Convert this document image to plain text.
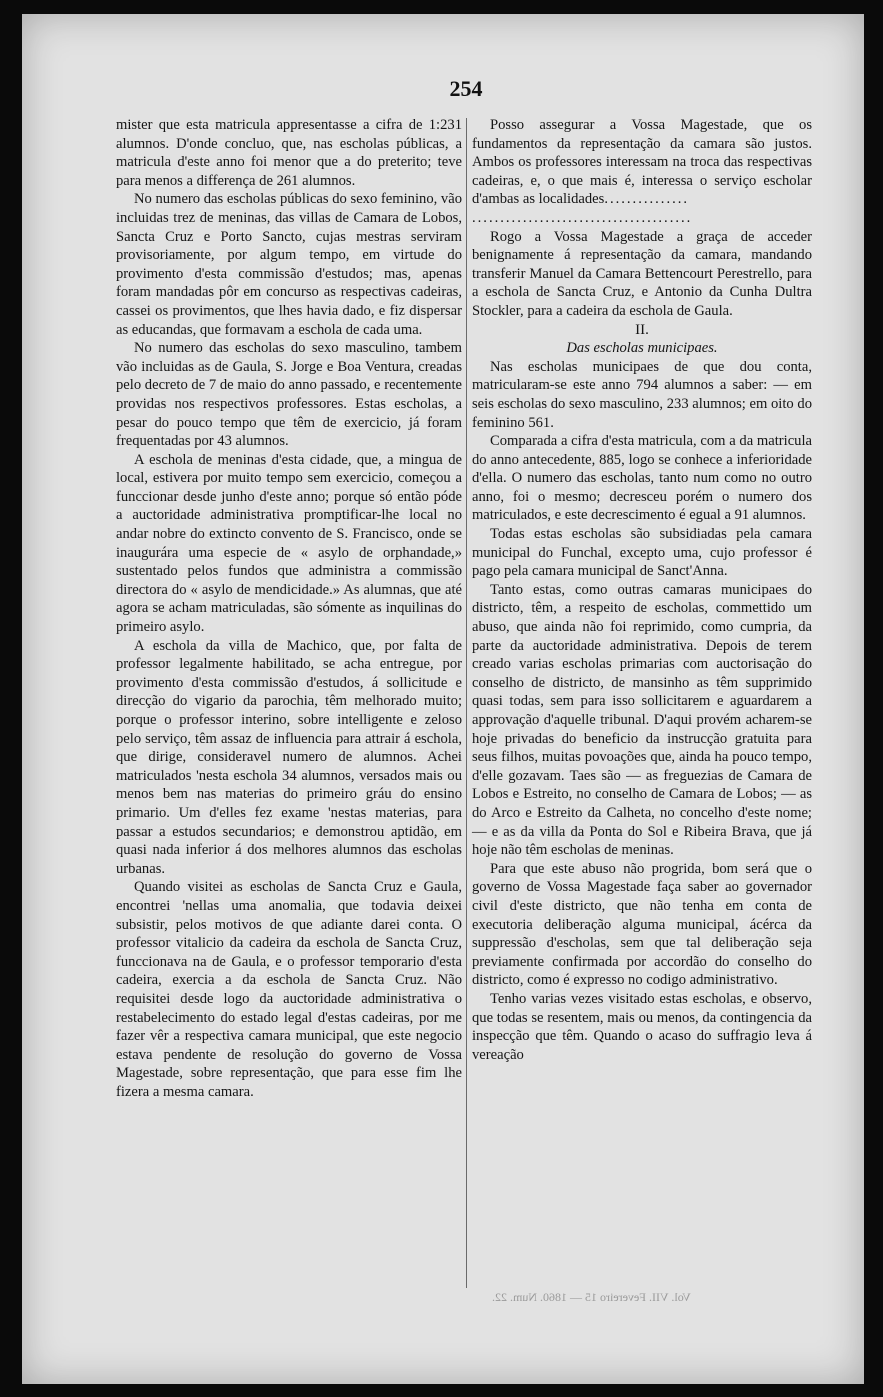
254

mister que esta matricula appresentasse a cifra de 1:231 alumnos. D'onde concluo, que, nas escholas públicas, a matricula d'este anno foi menor que a do preterito; teve para menos a differença de 261 alumnos.

No numero das escholas públicas do sexo feminino, vão incluidas trez de meninas, das villas de Camara de Lobos, Sancta Cruz e Porto Sancto, cujas mestras serviram provisoriamente, por algum tempo, em virtude do provimento d'esta commissão d'estudos; mas, apenas foram mandadas pôr em concurso as respectivas cadeiras, cassei os provimentos, que lhes havia dado, e fiz dispersar as educandas, que formavam a eschola de cada uma.

No numero das escholas do sexo masculino, tambem vão incluidas as de Gaula, S. Jorge e Boa Ventura, creadas pelo decreto de 7 de maio do anno passado, e recentemente providas nos respectivos professores. Estas escholas, a pesar do pouco tempo que têm de exercicio, já foram frequentadas por 43 alumnos.

A eschola de meninas d'esta cidade, que, a mingua de local, estivera por muito tempo sem exercicio, começou a funccionar desde junho d'este anno; porque só então póde a auctoridade administrativa promptificar-lhe local no andar nobre do extincto convento de S. Francisco, onde se inaugurára uma especie de « asylo de orphandade,» sustentado pelos fundos que administra a commissão directora do « asylo de mendicidade.» As alumnas, que até agora se acham matriculadas, são sómente as inquilinas do primeiro asylo.

A eschola da villa de Machico, que, por falta de professor legalmente habilitado, se acha entregue, por provimento d'esta commissão d'estudos, á sollicitude e direcção do vigario da parochia, têm melhorado muito; porque o professor interino, sobre intelligente e zeloso pelo serviço, têm assaz de influencia para attrair á eschola, que dirige, consideravel numero de alumnos. Achei matriculados 'nesta eschola 34 alumnos, versados mais ou menos bem nas materias do primeiro gráu do ensino primario. Um d'elles fez exame 'nestas materias, para passar a estudos secundarios; e demonstrou aptidão, em quasi nada inferior á dos melhores alumnos das escholas urbanas.

Quando visitei as escholas de Sancta Cruz e Gaula, encontrei 'nellas uma anomalia, que todavia deixei subsistir, pelos motivos de que adiante darei conta. O professor vitalicio da cadeira da eschola de Sancta Cruz, funccionava na de Gaula, e o professor temporario d'esta cadeira, exercia a da eschola de Sancta Cruz. Não requisitei desde logo da auctoridade administrativa o restabelecimento do estado legal d'estas cadeiras, por me fazer vêr a respectiva camara municipal, que este negocio estava pendente de resolução do governo de Vossa Magestade, sobre representação, que para esse fim lhe fizera a mesma camara.

Posso assegurar a Vossa Magestade, que os fundamentos da representação da camara são justos. Ambos os professores interessam na troca das respectivas cadeiras, e, o que mais é, interessa o serviço escholar d'ambas as localidades...............

.......................................

Rogo a Vossa Magestade a graça de acceder benignamente á representação da camara, mandando transferir Manuel da Camara Bettencourt Perestrello, para a eschola de Sancta Cruz, e Antonio da Cunha Dultra Stockler, para a cadeira da eschola de Gaula.

II.

Das escholas municipaes.

Nas escholas municipaes de que dou conta, matricularam-se este anno 794 alumnos a saber: — em seis escholas do sexo masculino, 233 alumnos; em oito do feminino 561.

Comparada a cifra d'esta matricula, com a da matricula do anno antecedente, 885, logo se conhece a inferioridade d'ella. O numero das escholas, tanto num como no outro anno, foi o mesmo; decresceu porém o numero dos matriculados, e este decrescimento é egual a 91 alumnos.

Todas estas escholas são subsidiadas pela camara municipal do Funchal, excepto uma, cujo professor é pago pela camara municipal de Sanct'Anna.

Tanto estas, como outras camaras municipaes do districto, têm, a respeito de escholas, commettido um abuso, que ainda não foi reprimido, como cumpria, da parte da auctoridade administrativa. Depois de terem creado varias escholas primarias com auctorisação do conselho de districto, de mansinho as têm supprimido quasi todas, sem para isso sollicitarem e aguardarem a approvação d'aquelle tribunal. D'aqui provém acharem-se hoje privadas do beneficio da instrucção gratuita para seus filhos, muitas povoações que, ainda ha pouco tempo, d'elle gozavam. Taes são — as freguezias de Camara de Lobos e Estreito, no conselho de Camara de Lobos; — as do Arco e Estreito da Calheta, no concelho d'este nome; — e as da villa da Ponta do Sol e Ribeira Brava, que já hoje não têm escholas de meninas.

Para que este abuso não progrida, bom será que o governo de Vossa Magestade faça saber ao governador civil d'este districto, que não tenha em conta de executoria deliberação alguma municipal, ácérca da suppressão d'escholas, sem que tal deliberação seja previamente confirmada por accordão do conselho do districto, como é expresso no codigo administrativo.

Tenho varias vezes visitado estas escholas, e observo, que todas se resentem, mais ou menos, da contingencia da inspecção que têm. Quando o acaso do suffragio leva á vereação

Vol. VII. Fevereiro 15 — 1860. Num. 22.
